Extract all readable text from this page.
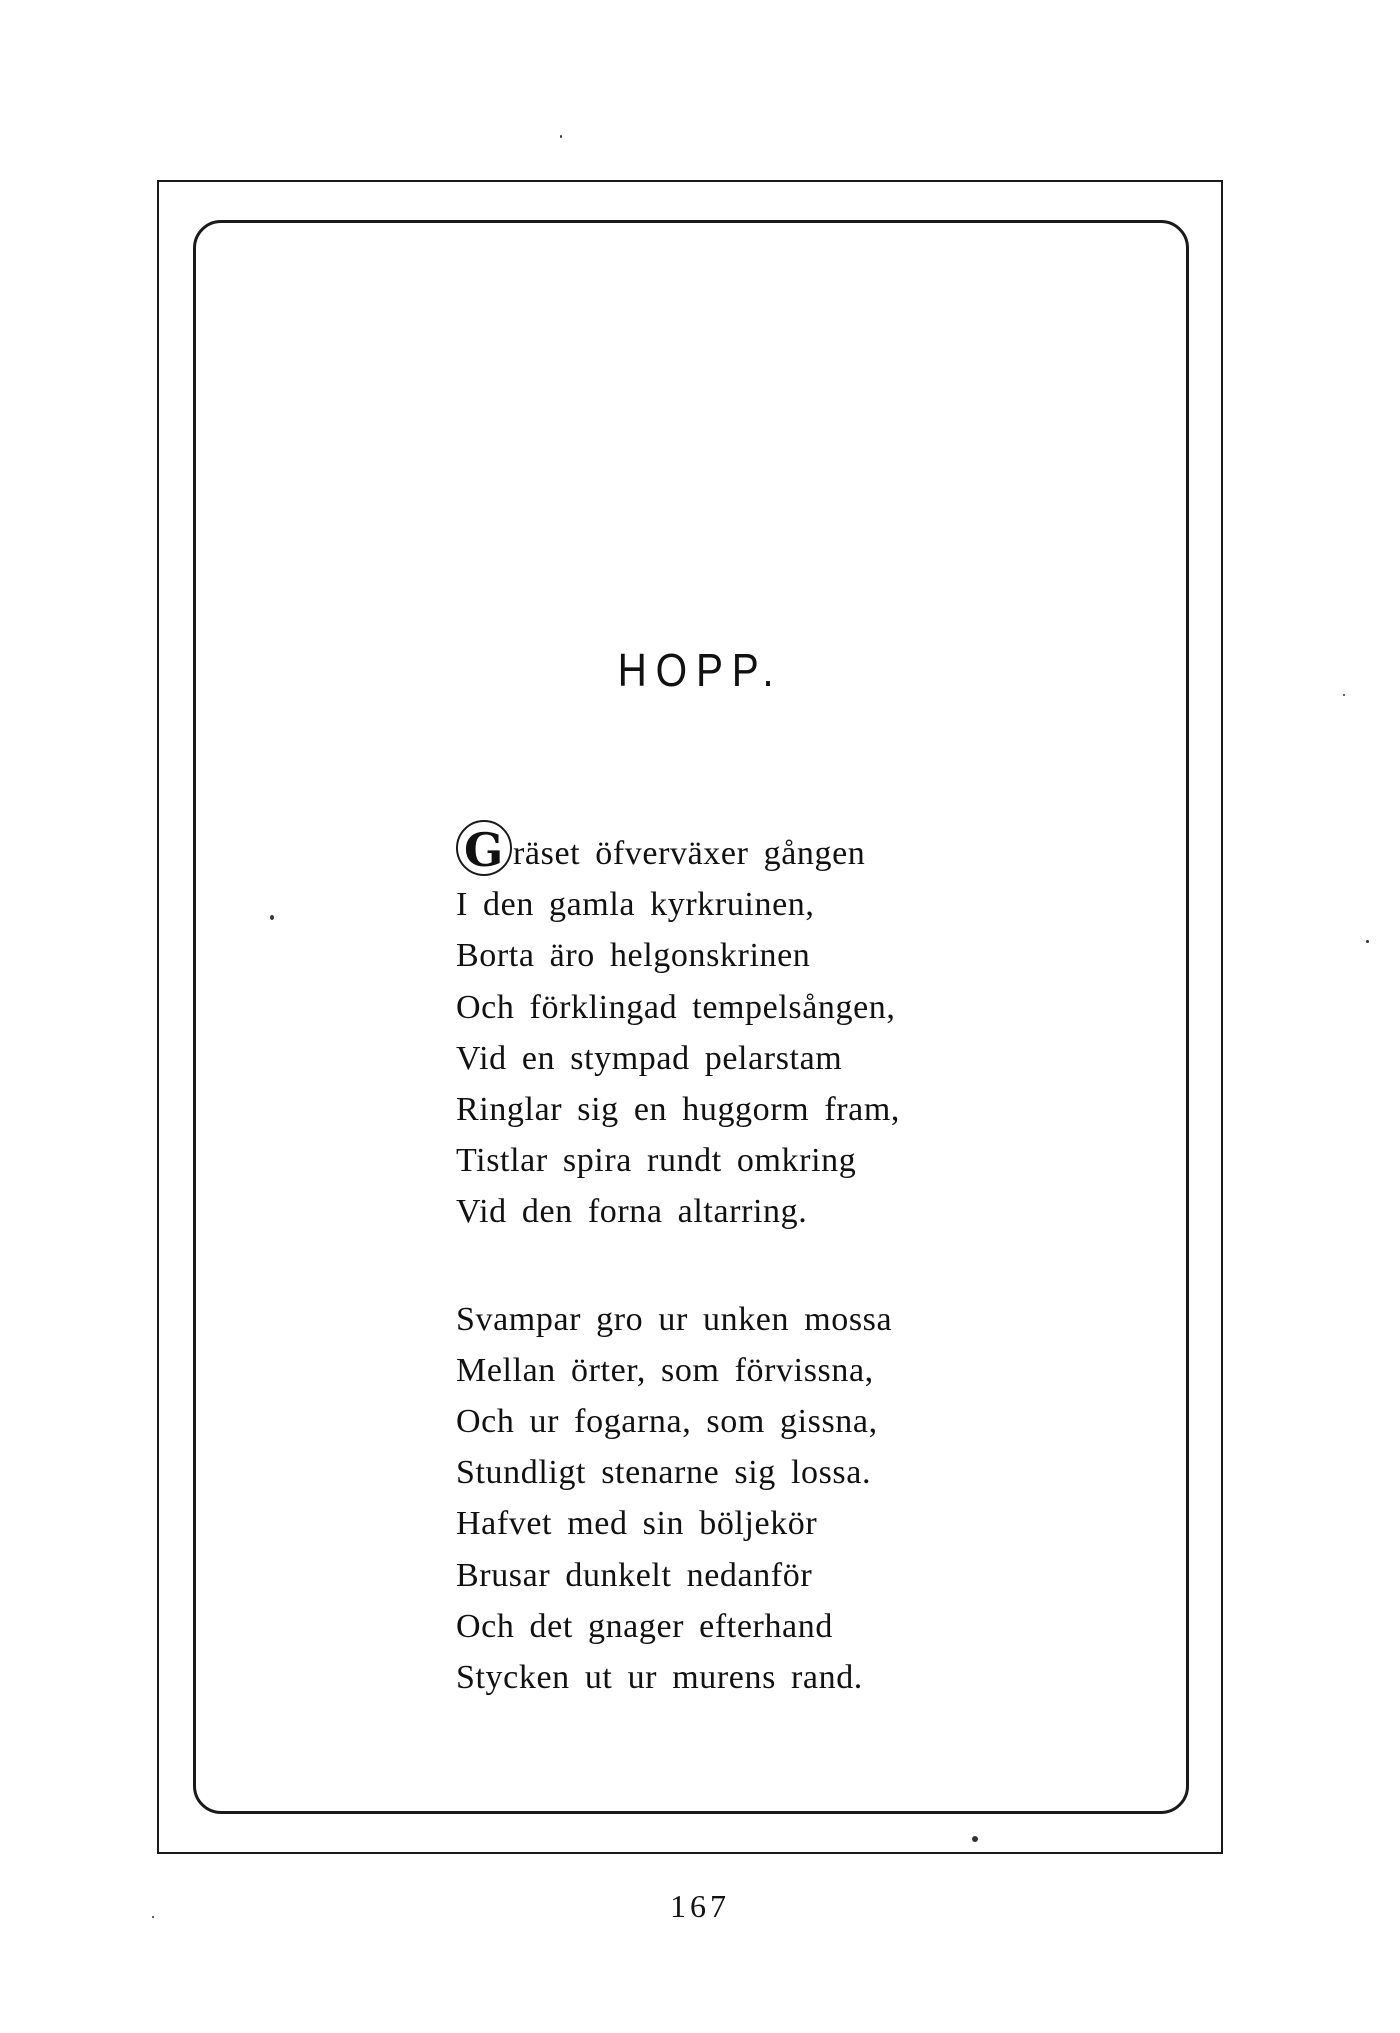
HOPP.
G räset öfverväxer gången
I den gamla kyrkruinen,
Borta äro helgonskrinen
Och förklingad tempelsången,
Vid en stympad pelarstam
Ringlar sig en huggorm fram,
Tistlar spira rundt omkring
Vid den forna altarring.
Svampar gro ur unken mossa
Mellan örter, som förvissna,
Och ur fogarna, som gissna,
Stundligt stenarne sig lossa.
Hafvet med sin böljekör
Brusar dunkelt nedanför
Och det gnager efterhand
Stycken ut ur murens rand.
167
